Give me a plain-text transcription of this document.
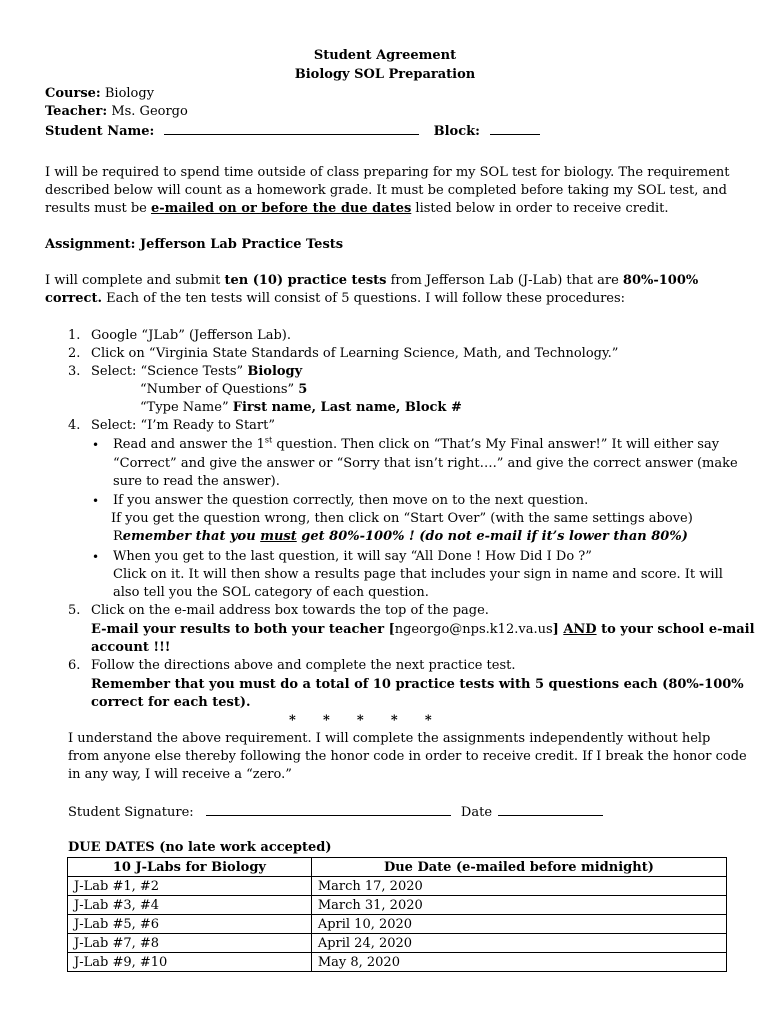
Student Agreement
Biology SOL Preparation
Course: Biology
Teacher: Ms. Georgo
Student Name:	Block:
I will be required to spend time outside of class preparing for my SOL test for biology. The requirement
described below will count as a homework grade. It must be completed before taking my SOL test, and
results must be e-mailed on or before the due dates listed below in order to receive credit.
Assignment: Jefferson Lab Practice Tests
I will complete and submit ten (10) practice tests from Jefferson Lab (J-Lab) that are 80%-100%
correct. Each of the ten tests will consist of 5 questions. I will follow these procedures:
1. Google “JLab” (Jefferson Lab).
2. Click on “Virginia State Standards of Learning Science, Math, and Technology.”
3. Select: “Science Tests” Biology
“Number of Questions” 5
“Type Name” First name, Last name, Block #
4. Select: “I’m Ready to Start”
• Read and answer the 1st question. Then click on “That’s My Final answer!” It will either say
“Correct” and give the answer or “Sorry that isn’t right….” and give the correct answer (make
sure to read the answer).
• If you answer the question correctly, then move on to the next question.
If you get the question wrong, then click on “Start Over” (with the same settings above)
Remember that you must get 80%-100% ! (do not e-mail if it’s lower than 80%)
• When you get to the last question, it will say “All Done ! How Did I Do ?”
Click on it. It will then show a results page that includes your sign in name and score. It will
also tell you the SOL category of each question.
5. Click on the e-mail address box towards the top of the page.
E-mail your results to both your teacher [ngeorgo@nps.k12.va.us] AND to your school e-mail
account !!!
6. Follow the directions above and complete the next practice test.
Remember that you must do a total of 10 practice tests with 5 questions each (80%-100%
correct for each test).
*      *      *      *      *
I understand the above requirement. I will complete the assignments independently without help
from anyone else thereby following the honor code in order to receive credit. If I break the honor code
in any way, I will receive a “zero.”
Student Signature:	Date
DUE DATES (no late work accepted)
10 J-Labs for Biology	Due Date (e-mailed before midnight)
J-Lab #1, #2	March 17, 2020
J-Lab #3, #4	March 31, 2020
J-Lab #5, #6	April 10, 2020
J-Lab #7, #8	April 24, 2020
J-Lab #9, #10	May 8, 2020
